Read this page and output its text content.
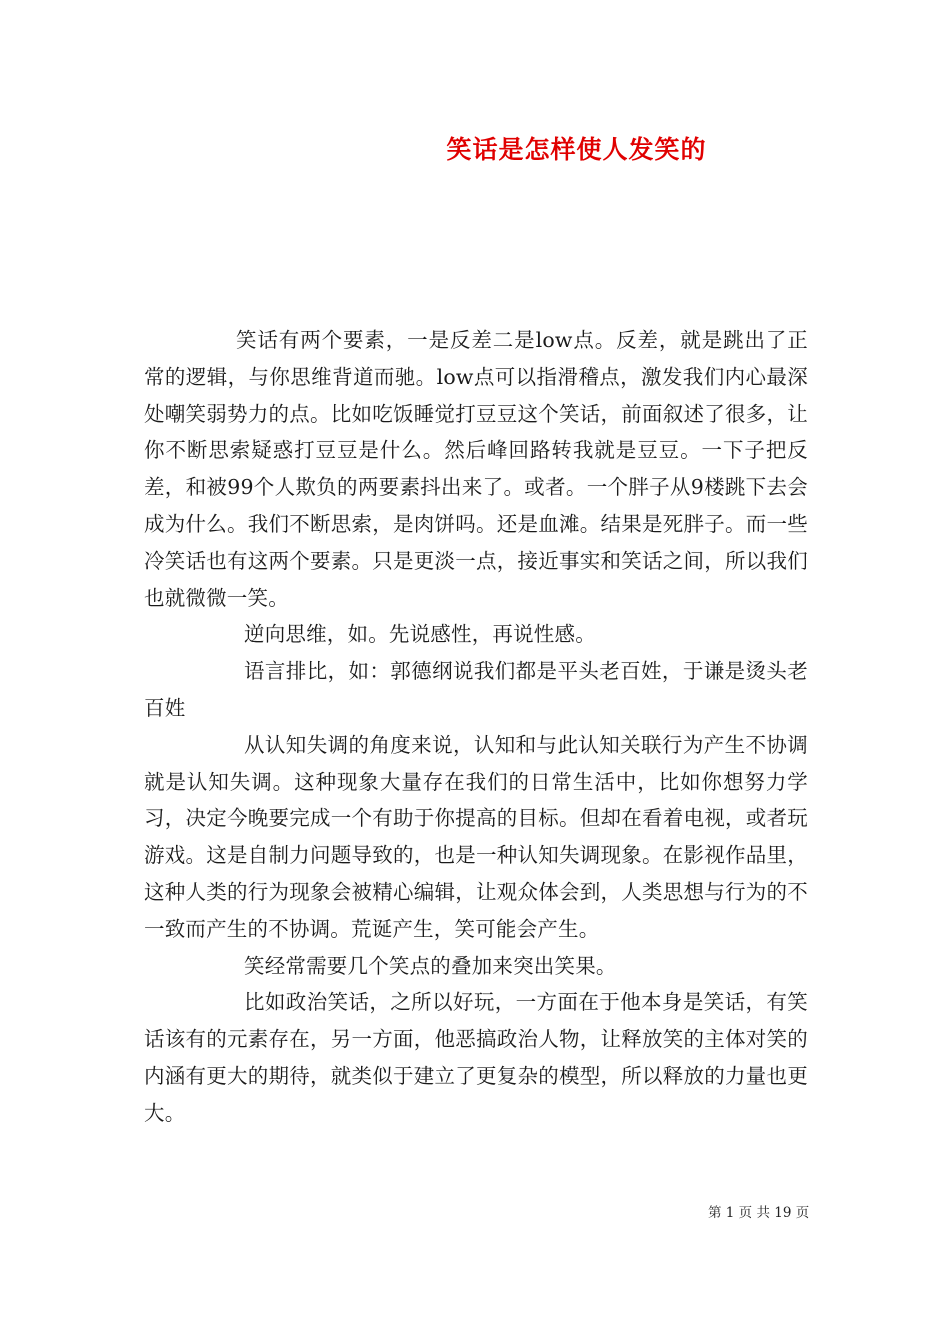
笑话是怎样使人发笑的

笑话有两个要素，一是反差二是low点。反差，就是跳出了正常的逻辑，与你思维背道而驰。low点可以指滑稽点，激发我们内心最深处嘲笑弱势力的点。比如吃饭睡觉打豆豆这个笑话，前面叙述了很多，让你不断思索疑惑打豆豆是什么。然后峰回路转我就是豆豆。一下子把反差，和被99个人欺负的两要素抖出来了。或者。一个胖子从9楼跳下去会成为什么。我们不断思索，是肉饼吗。还是血滩。结果是死胖子。而一些冷笑话也有这两个要素。只是更淡一点，接近事实和笑话之间，所以我们也就微微一笑。

逆向思维，如。先说感性，再说性感。

语言排比，如：郭德纲说我们都是平头老百姓，于谦是烫头老百姓

从认知失调的角度来说，认知和与此认知关联行为产生不协调就是认知失调。这种现象大量存在我们的日常生活中，比如你想努力学习，决定今晚要完成一个有助于你提高的目标。但却在看着电视，或者玩游戏。这是自制力问题导致的，也是一种认知失调现象。在影视作品里，这种人类的行为现象会被精心编辑，让观众体会到，人类思想与行为的不一致而产生的不协调。荒诞产生，笑可能会产生。

笑经常需要几个笑点的叠加来突出笑果。

比如政治笑话，之所以好玩，一方面在于他本身是笑话，有笑话该有的元素存在，另一方面，他恶搞政治人物，让释放笑的主体对笑的内涵有更大的期待，就类似于建立了更复杂的模型，所以释放的力量也更大。

第 1 页 共 19 页
